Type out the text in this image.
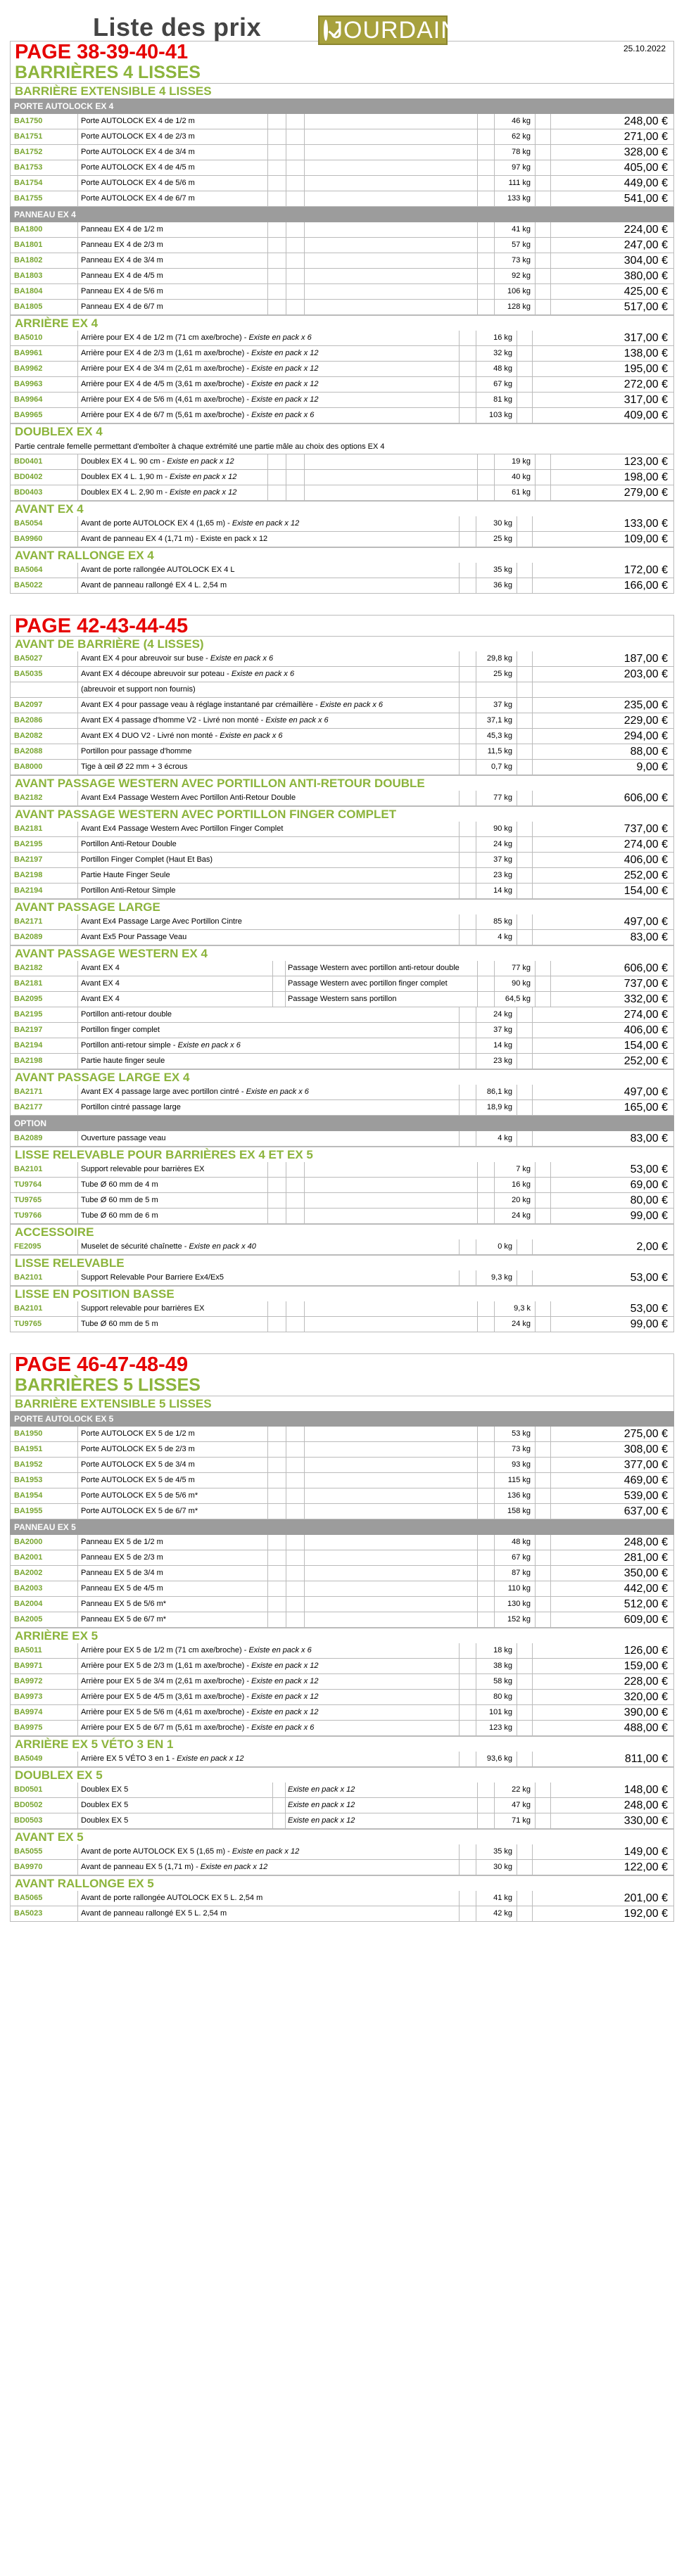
Liste des prix	JOURDAIN
25.10.2022
PAGE 38-39-40-41
BARRIÈRES 4 LISSES
BARRIÈRE EXTENSIBLE 4 LISSES
PORTE AUTOLOCK EX 4
BA1750	Porte AUTOLOCK EX 4 de 1/2 m	46 kg	248,00 €
BA1751	Porte AUTOLOCK EX 4 de 2/3 m	62 kg	271,00 €
BA1752	Porte AUTOLOCK EX 4 de 3/4 m	78 kg	328,00 €
BA1753	Porte AUTOLOCK EX 4 de 4/5 m	97 kg	405,00 €
BA1754	Porte AUTOLOCK EX 4 de 5/6 m	111 kg	449,00 €
BA1755	Porte AUTOLOCK EX 4 de 6/7 m	133 kg	541,00 €
PANNEAU EX 4
BA1800	Panneau EX 4 de 1/2 m	41 kg	224,00 €
BA1801	Panneau EX 4 de 2/3 m	57 kg	247,00 €
BA1802	Panneau EX 4 de 3/4 m	73 kg	304,00 €
BA1803	Panneau EX 4 de 4/5 m	92 kg	380,00 €
BA1804	Panneau EX 4 de 5/6 m	106 kg	425,00 €
BA1805	Panneau EX 4 de 6/7 m	128 kg	517,00 €
ARRIÈRE EX 4
BA5010	Arrière pour EX 4 de 1/2 m (71 cm axe/broche) - Existe en pack x 6	16 kg	317,00 €
BA9961	Arrière pour EX 4 de 2/3 m (1,61 m axe/broche) - Existe en pack x 12	32 kg	138,00 €
BA9962	Arrière pour EX 4 de 3/4 m (2,61 m axe/broche) - Existe en pack x 12	48 kg	195,00 €
BA9963	Arrière pour EX 4 de 4/5 m (3,61 m axe/broche) - Existe en pack x 12	67 kg	272,00 €
BA9964	Arrière pour EX 4 de 5/6 m (4,61 m axe/broche) - Existe en pack x 12	81 kg	317,00 €
BA9965	Arrière pour EX 4 de 6/7 m (5,61 m axe/broche) - Existe en pack x 6	103 kg	409,00 €
DOUBLEX EX 4
Partie centrale femelle permettant d'emboîter à chaque extrémité une partie mâle au choix des options EX 4
BD0401	Doublex EX 4 L. 90 cm - Existe en pack x 12	19 kg	123,00 €
BD0402	Doublex EX 4 L. 1,90 m - Existe en pack x 12	40 kg	198,00 €
BD0403	Doublex EX 4 L. 2,90 m - Existe en pack x 12	61 kg	279,00 €
AVANT EX 4
BA5054	Avant de porte AUTOLOCK EX 4 (1,65 m) - Existe en pack x 12	30 kg	133,00 €
BA9960	Avant de panneau EX 4 (1,71 m) - Existe en pack x 12	25 kg	109,00 €
AVANT RALLONGE EX 4
BA5064	Avant de porte rallongée AUTOLOCK EX 4 L	35 kg	172,00 €
BA5022	Avant de panneau rallongé EX 4 L. 2,54 m	36 kg	166,00 €
PAGE 42-43-44-45
AVANT DE BARRIÈRE (4 LISSES)
BA5027	Avant EX 4 pour abreuvoir sur buse - Existe en pack x 6	29,8 kg	187,00 €
BA5035	Avant EX 4 découpe abreuvoir sur poteau - Existe en pack x 6	25 kg	203,00 €
(abreuvoir et support non fournis)
BA2097	Avant EX 4 pour passage veau à réglage instantané par crémaillère - Existe en pack x 6	37 kg	235,00 €
BA2086	Avant EX 4 passage d'homme V2 - Livré non monté - Existe en pack x 6	37,1 kg	229,00 €
BA2082	Avant EX 4 DUO V2 - Livré non monté - Existe en pack x 6	45,3 kg	294,00 €
BA2088	Portillon pour passage d'homme	11,5 kg	88,00 €
BA8000	Tige à œil Ø 22 mm + 3 écrous	0,7 kg	9,00 €
AVANT PASSAGE WESTERN AVEC PORTILLON ANTI-RETOUR DOUBLE
BA2182	Avant Ex4 Passage Western Avec Portillon Anti-Retour Double	77 kg	606,00 €
AVANT PASSAGE WESTERN AVEC PORTILLON FINGER COMPLET
BA2181	Avant Ex4 Passage Western Avec Portillon Finger Complet	90 kg	737,00 €
BA2195	Portillon Anti-Retour Double	24 kg	274,00 €
BA2197	Portillon Finger Complet (Haut Et Bas)	37 kg	406,00 €
BA2198	Partie Haute Finger Seule	23 kg	252,00 €
BA2194	Portillon Anti-Retour Simple	14 kg	154,00 €
AVANT PASSAGE LARGE
BA2171	Avant Ex4 Passage Large Avec Portillon Cintre	85 kg	497,00 €
BA2089	Avant Ex5 Pour Passage Veau	4 kg	83,00 €
AVANT PASSAGE WESTERN EX 4
BA2182	Avant EX 4	Passage Western avec portillon anti-retour double	77 kg	606,00 €
BA2181	Avant EX 4	Passage Western avec portillon finger complet	90 kg	737,00 €
BA2095	Avant EX 4	Passage Western sans portillon	64,5 kg	332,00 €
BA2195	Portillon anti-retour double	24 kg	274,00 €
BA2197	Portillon finger complet	37 kg	406,00 €
BA2194	Portillon anti-retour simple - Existe en pack x 6	14 kg	154,00 €
BA2198	Partie haute finger seule	23 kg	252,00 €
AVANT PASSAGE LARGE EX 4
BA2171	Avant EX 4 passage large avec portillon cintré - Existe en pack x 6	86,1 kg	497,00 €
BA2177	Portillon cintré passage large	18,9 kg	165,00 €
OPTION
BA2089	Ouverture passage veau	4 kg	83,00 €
LISSE RELEVABLE POUR BARRIÈRES EX 4 ET EX 5
BA2101	Support relevable pour barrières EX	7 kg	53,00 €
TU9764	Tube Ø 60 mm de 4 m	16 kg	69,00 €
TU9765	Tube Ø 60 mm de 5 m	20 kg	80,00 €
TU9766	Tube Ø 60 mm de 6 m	24 kg	99,00 €
ACCESSOIRE
FE2095	Muselet de sécurité chaînette - Existe en pack x 40	0 kg	2,00 €
LISSE RELEVABLE
BA2101	Support Relevable Pour Barriere Ex4/Ex5	9,3 kg	53,00 €
LISSE EN POSITION BASSE
BA2101	Support relevable pour barrières EX	9,3 k	53,00 €
TU9765	Tube Ø 60 mm de 5 m	24 kg	99,00 €
PAGE 46-47-48-49
BARRIÈRES 5 LISSES
BARRIÈRE EXTENSIBLE 5 LISSES
PORTE AUTOLOCK EX 5
BA1950	Porte AUTOLOCK EX 5 de 1/2 m	53 kg	275,00 €
BA1951	Porte AUTOLOCK EX 5 de 2/3 m	73 kg	308,00 €
BA1952	Porte AUTOLOCK EX 5 de 3/4 m	93 kg	377,00 €
BA1953	Porte AUTOLOCK EX 5 de 4/5 m	115 kg	469,00 €
BA1954	Porte AUTOLOCK EX 5 de 5/6 m*	136 kg	539,00 €
BA1955	Porte AUTOLOCK EX 5 de 6/7 m*	158 kg	637,00 €
PANNEAU EX 5
BA2000	Panneau EX 5 de 1/2 m	48 kg	248,00 €
BA2001	Panneau EX 5 de 2/3 m	67 kg	281,00 €
BA2002	Panneau EX 5 de 3/4 m	87 kg	350,00 €
BA2003	Panneau EX 5 de 4/5 m	110 kg	442,00 €
BA2004	Panneau EX 5 de 5/6 m*	130 kg	512,00 €
BA2005	Panneau EX 5 de 6/7 m*	152 kg	609,00 €
ARRIÈRE EX 5
BA5011	Arrière pour EX 5 de 1/2 m (71 cm axe/broche) - Existe en pack x 6	18 kg	126,00 €
BA9971	Arrière pour EX 5 de 2/3 m (1,61 m axe/broche) - Existe en pack x 12	38 kg	159,00 €
BA9972	Arrière pour EX 5 de 3/4 m (2,61 m axe/broche) - Existe en pack x 12	58 kg	228,00 €
BA9973	Arrière pour EX 5 de 4/5 m (3,61 m axe/broche) - Existe en pack x 12	80 kg	320,00 €
BA9974	Arrière pour EX 5 de 5/6 m (4,61 m axe/broche) - Existe en pack x 12	101 kg	390,00 €
BA9975	Arrière pour EX 5 de 6/7 m (5,61 m axe/broche) - Existe en pack x 6	123 kg	488,00 €
ARRIÈRE EX 5 VÉTO 3 EN 1
BA5049	Arrière EX 5 VÉTO 3 en 1 - Existe en pack x 12	93,6 kg	811,00 €
DOUBLEX EX 5
BD0501	Doublex EX 5	Existe en pack x 12	22 kg	148,00 €
BD0502	Doublex EX 5	Existe en pack x 12	47 kg	248,00 €
BD0503	Doublex EX 5	Existe en pack x 12	71 kg	330,00 €
AVANT EX 5
BA5055	Avant de porte AUTOLOCK EX 5 (1,65 m) - Existe en pack x 12	35 kg	149,00 €
BA9970	Avant de panneau EX 5 (1,71 m) - Existe en pack x 12	30 kg	122,00 €
AVANT RALLONGE EX 5
BA5065	Avant de porte rallongée AUTOLOCK EX 5 L. 2,54 m	41 kg	201,00 €
BA5023	Avant de panneau rallongé EX 5 L. 2,54 m	42 kg	192,00 €
